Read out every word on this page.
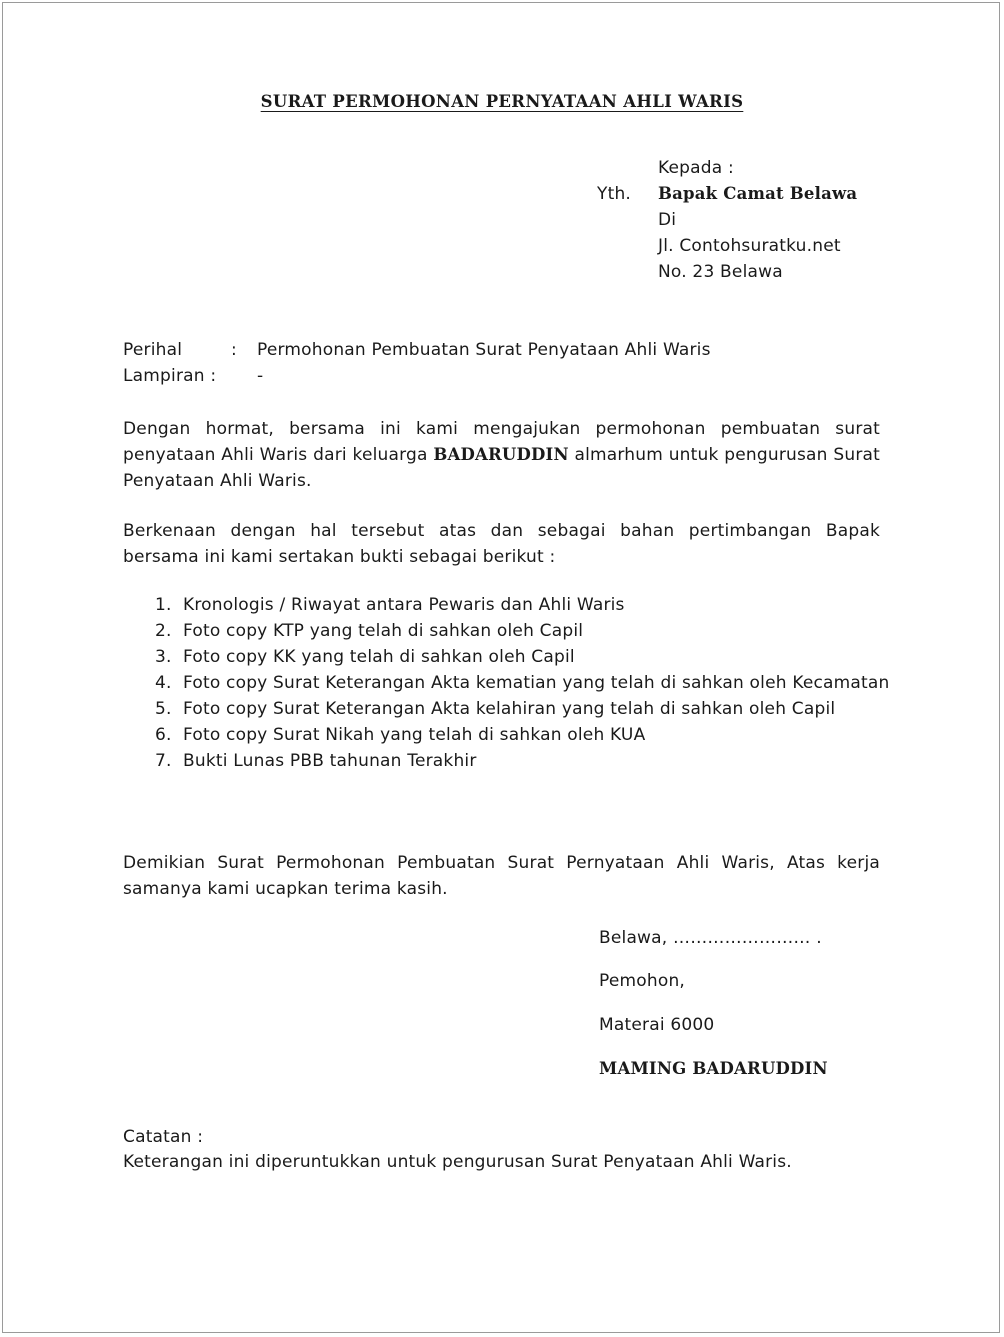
SURAT PERMOHONAN PERNYATAAN AHLI WARIS
Kepada :
Yth. Bapak Camat Belawa
Di
Jl. Contohsuratku.net
No. 23 Belawa
Perihal	: Permohonan Pembuatan Surat Penyataan Ahli Waris
Lampiran : -
Dengan hormat, bersama ini kami mengajukan permohonan pembuatan surat penyataan Ahli Waris dari keluarga BADARUDDIN almarhum untuk pengurusan Surat Penyataan Ahli Waris.
Berkenaan dengan hal tersebut atas dan sebagai bahan pertimbangan Bapak bersama ini kami sertakan bukti sebagai berikut :
1. Kronologis / Riwayat antara Pewaris dan Ahli Waris
2. Foto copy KTP yang telah di sahkan oleh Capil
3. Foto copy KK yang telah di sahkan oleh Capil
4. Foto copy Surat Keterangan Akta kematian yang telah di sahkan oleh Kecamatan
5. Foto copy Surat Keterangan Akta kelahiran yang telah di sahkan oleh Capil
6. Foto copy Surat Nikah yang telah di sahkan oleh KUA
7. Bukti Lunas PBB tahunan Terakhir
Demikian Surat Permohonan Pembuatan Surat Pernyataan Ahli Waris, Atas kerja samanya kami ucapkan terima kasih.
Belawa, …………………… .
Pemohon,
Materai 6000
MAMING BADARUDDIN
Catatan :
Keterangan ini diperuntukkan untuk pengurusan Surat Penyataan Ahli Waris.
